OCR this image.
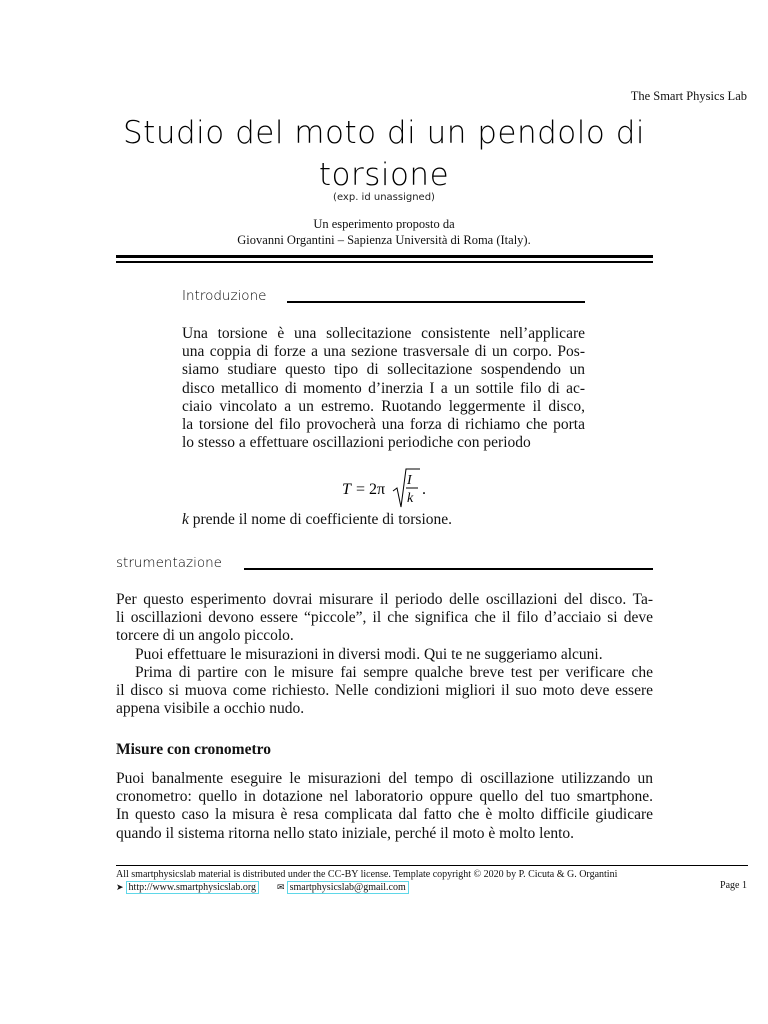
The Smart Physics Lab
Studio del moto di un pendolo di
torsione
(exp. id unassigned)
Un esperimento proposto da
Giovanni Organtini – Sapienza Università di Roma (Italy).
Introduzione
Una torsione è una sollecitazione consistente nell’applicare
una coppia di forze a una sezione trasversale di un corpo. Pos-
siamo studiare questo tipo di sollecitazione sospendendo un
disco metallico di momento d’inerzia I a un sottile filo di ac-
ciaio vincolato a un estremo. Ruotando leggermente il disco,
la torsione del filo provocherà una forza di richiamo che porta
lo stesso a effettuare oscillazioni periodiche con periodo
T = 2π
I
k
.
k prende il nome di coefficiente di torsione.
strumentazione
Per questo esperimento dovrai misurare il periodo delle oscillazioni del disco. Ta-
li oscillazioni devono essere “piccole”, il che significa che il filo d’acciaio si deve
torcere di un angolo piccolo.
Puoi effettuare le misurazioni in diversi modi. Qui te ne suggeriamo alcuni.
Prima di partire con le misure fai sempre qualche breve test per verificare che
il disco si muova come richiesto. Nelle condizioni migliori il suo moto deve essere
appena visibile a occhio nudo.
Misure con cronometro
Puoi banalmente eseguire le misurazioni del tempo di oscillazione utilizzando un
cronometro: quello in dotazione nel laboratorio oppure quello del tuo smartphone.
In questo caso la misura è resa complicata dal fatto che è molto difficile giudicare
quando il sistema ritorna nello stato iniziale, perché il moto è molto lento.
All smartphysicslab material is distributed under the CC-BY license. Template copyright © 2020 by P. Cicuta & G. Organtini
➤ http://www.smartphysicslab.org	✉ smartphysicslab@gmail.com	Page 1
